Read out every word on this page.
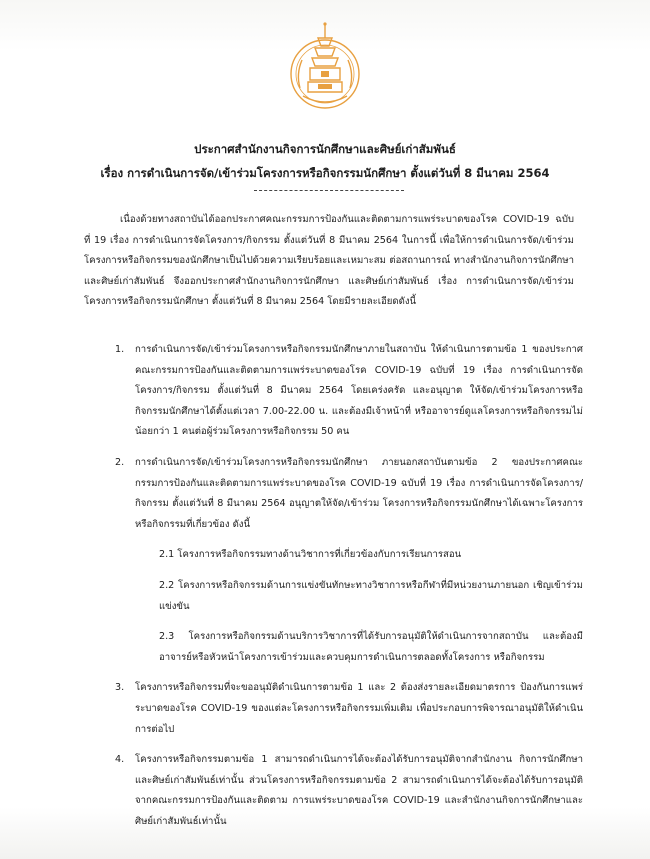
ประกาศสำนักงานกิจการนักศึกษาและศิษย์เก่าสัมพันธ์
เรื่อง การดำเนินการจัด/เข้าร่วมโครงการหรือกิจกรรมนักศึกษา ตั้งแต่วันที่ 8 มีนาคม 2564
เนื่องด้วยทางสถาบันได้ออกประกาศคณะกรรมการป้องกันและติดตามการแพร่ระบาดของโรค COVID-19 ฉบับที่ 19 เรื่อง การดำเนินการจัดโครงการ/กิจกรรม ตั้งแต่วันที่ 8 มีนาคม 2564 ในการนี้ เพื่อให้การดำเนินการจัด/เข้าร่วมโครงการหรือกิจกรรมของนักศึกษาเป็นไปด้วยความเรียบร้อยและเหมาะสม ต่อสถานการณ์ ทางสำนักงานกิจการนักศึกษาและศิษย์เก่าสัมพันธ์ จึงออกประกาศสำนักงานกิจการนักศึกษา และศิษย์เก่าสัมพันธ์ เรื่อง การดำเนินการจัด/เข้าร่วมโครงการหรือกิจกรรมนักศึกษา ตั้งแต่วันที่ 8 มีนาคม 2564 โดยมีรายละเอียดดังนี้
1.	การดำเนินการจัด/เข้าร่วมโครงการหรือกิจกรรมนักศึกษาภายในสถาบัน ให้ดำเนินการตามข้อ 1 ของประกาศคณะกรรมการป้องกันและติดตามการแพร่ระบาดของโรค COVID-19 ฉบับที่ 19 เรื่อง การดำเนินการจัดโครงการ/กิจกรรม ตั้งแต่วันที่ 8 มีนาคม 2564 โดยเคร่งครัด และอนุญาต ให้จัด/เข้าร่วมโครงการหรือกิจกรรมนักศึกษาได้ตั้งแต่เวลา 7.00-22.00 น. และต้องมีเจ้าหน้าที่ หรืออาจารย์ดูแลโครงการหรือกิจกรรมไม่น้อยกว่า 1 คนต่อผู้ร่วมโครงการหรือกิจกรรม 50 คน
2.	การดำเนินการจัด/เข้าร่วมโครงการหรือกิจกรรมนักศึกษา ภายนอกสถาบันตามข้อ 2 ของประกาศคณะกรรมการป้องกันและติดตามการแพร่ระบาดของโรค COVID-19 ฉบับที่ 19 เรื่อง การดำเนินการจัดโครงการ/กิจกรรม ตั้งแต่วันที่ 8 มีนาคม 2564 อนุญาตให้จัด/เข้าร่วม โครงการหรือกิจกรรมนักศึกษาได้เฉพาะโครงการหรือกิจกรรมที่เกี่ยวข้อง ดังนี้
2.1 โครงการหรือกิจกรรมทางด้านวิชาการที่เกี่ยวข้องกับการเรียนการสอน
2.2 โครงการหรือกิจกรรมด้านการแข่งขันทักษะทางวิชาการหรือกีฬาที่มีหน่วยงานภายนอก เชิญเข้าร่วมแข่งขัน
2.3 โครงการหรือกิจกรรมด้านบริการวิชาการที่ได้รับการอนุมัติให้ดำเนินการจากสถาบัน และต้องมีอาจารย์หรือหัวหน้าโครงการเข้าร่วมและควบคุมการดำเนินการตลอดทั้งโครงการ หรือกิจกรรม
3.	โครงการหรือกิจกรรมที่จะขออนุมัติดำเนินการตามข้อ 1 และ 2 ต้องส่งรายละเอียดมาตรการ ป้องกันการแพร่ระบาดของโรค COVID-19 ของแต่ละโครงการหรือกิจกรรมเพิ่มเติม เพื่อประกอบการพิจารณาอนุมัติให้ดำเนินการต่อไป
4.	โครงการหรือกิจกรรมตามข้อ 1 สามารถดำเนินการได้จะต้องได้รับการอนุมัติจากสำนักงาน กิจการนักศึกษาและศิษย์เก่าสัมพันธ์เท่านั้น ส่วนโครงการหรือกิจกรรมตามข้อ 2 สามารถดำเนินการได้จะต้องได้รับการอนุมัติจากคณะกรรมการป้องกันและติดตาม การแพร่ระบาดของโรค COVID-19 และสำนักงานกิจการนักศึกษาและศิษย์เก่าสัมพันธ์เท่านั้น
